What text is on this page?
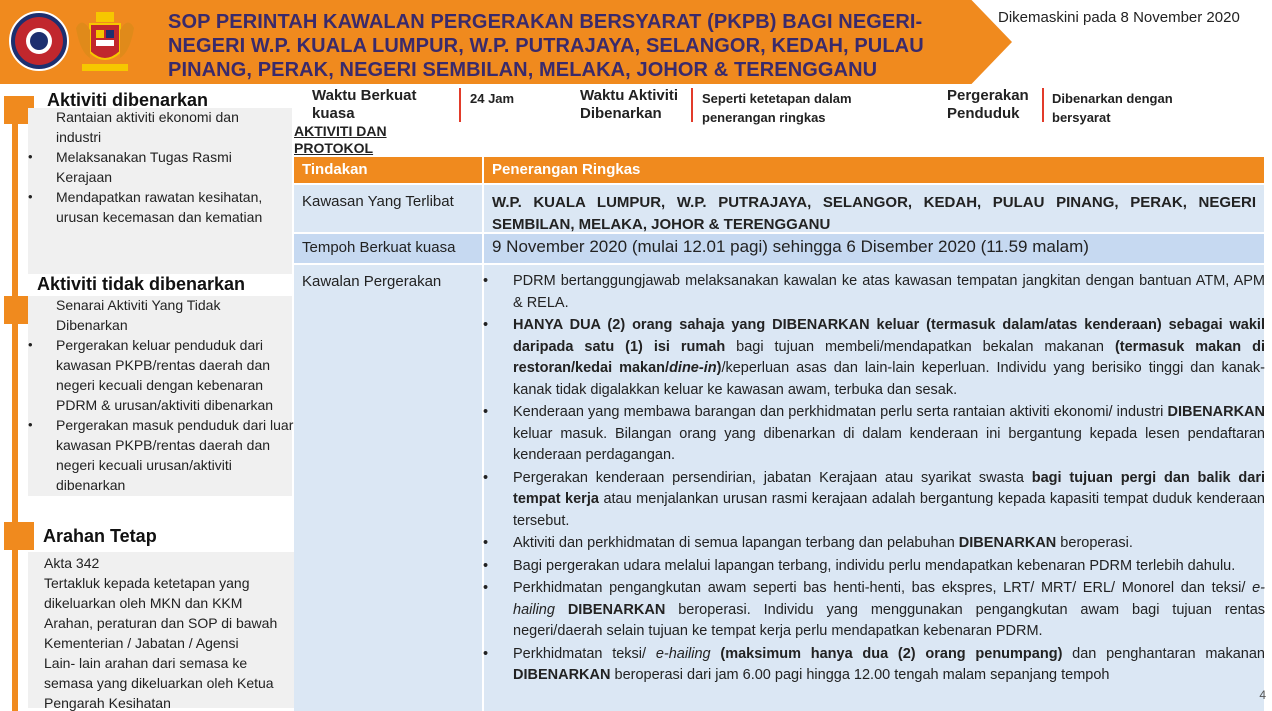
SOP PERINTAH KAWALAN PERGERAKAN BERSYARAT (PKPB) BAGI NEGERI-NEGERI W.P. KUALA LUMPUR, W.P. PUTRAJAYA, SELANGOR, KEDAH, PULAU PINANG, PERAK, NEGERI SEMBILAN, MELAKA, JOHOR & TERENGGANU
Dikemaskini pada 8 November 2020
Aktiviti dibenarkan
Rantaian aktiviti ekonomi dan industri
• Melaksanakan Tugas Rasmi Kerajaan
• Mendapatkan rawatan kesihatan, urusan kecemasan dan kematian
Aktiviti tidak dibenarkan
Senarai Aktiviti Yang Tidak Dibenarkan
• Pergerakan keluar penduduk dari kawasan PKPB/rentas daerah dan negeri kecuali dengan kebenaran PDRM & urusan/aktiviti dibenarkan
• Pergerakan masuk penduduk dari luar kawasan PKPB/rentas daerah dan negeri kecuali urusan/aktiviti dibenarkan
Arahan Tetap
Akta 342
Tertakluk kepada ketetapan yang dikeluarkan oleh MKN dan KKM
Arahan, peraturan dan SOP di bawah Kementerian / Jabatan / Agensi
Lain- lain arahan dari semasa ke semasa yang dikeluarkan oleh Ketua Pengarah Kesihatan
Waktu Berkuat kuasa
24 Jam	Waktu Aktiviti Dibenarkan
Seperti ketetapan dalam penerangan ringkas
Pergerakan Penduduk
Dibenarkan dengan bersyarat
AKTIVITI DAN PROTOKOL
Tindakan	Penerangan Ringkas
Kawasan Yang Terlibat	W.P. KUALA LUMPUR, W.P. PUTRAJAYA, SELANGOR, KEDAH, PULAU PINANG, PERAK, NEGERI SEMBILAN, MELAKA, JOHOR & TERENGGANU
Tempoh Berkuat kuasa	9 November 2020 (mulai 12.01 pagi) sehingga 6 Disember 2020 (11.59 malam)
Kawalan Pergerakan
•	PDRM bertanggungjawab melaksanakan kawalan ke atas kawasan tempatan jangkitan dengan bantuan ATM, APM & RELA.
• HANYA DUA (2) orang sahaja yang DIBENARKAN keluar (termasuk dalam/atas kenderaan) sebagai wakil daripada satu (1) isi rumah bagi tujuan membeli/mendapatkan bekalan makanan (termasuk makan di restoran/kedai makan/dine-in)/keperluan asas dan lain-lain keperluan. Individu yang berisiko tinggi dan kanak-kanak tidak digalakkan keluar ke kawasan awam, terbuka dan sesak.
• Kenderaan yang membawa barangan dan perkhidmatan perlu serta rantaian aktiviti ekonomi/ industri DIBENARKAN keluar masuk. Bilangan orang yang dibenarkan di dalam kenderaan ini bergantung kepada lesen pendaftaran kenderaan perdagangan.
• Pergerakan kenderaan persendirian, jabatan Kerajaan atau syarikat swasta bagi tujuan pergi dan balik dari tempat kerja atau menjalankan urusan rasmi kerajaan adalah bergantung kepada kapasiti tempat duduk kenderaan tersebut.
• Aktiviti dan perkhidmatan di semua lapangan terbang dan pelabuhan DIBENARKAN beroperasi.
• Bagi pergerakan udara melalui lapangan terbang, individu perlu mendapatkan kebenaran PDRM terlebih dahulu.
• Perkhidmatan pengangkutan awam seperti bas henti-henti, bas ekspres, LRT/ MRT/ ERL/ Monorel dan teksi/ e-hailing DIBENARKAN beroperasi. Individu yang menggunakan pengangkutan awam bagi tujuan rentas negeri/daerah selain tujuan ke tempat kerja perlu mendapatkan kebenaran PDRM.
• Perkhidmatan teksi/ e-hailing (maksimum hanya dua (2) orang penumpang) dan penghantaran makanan DIBENARKAN beroperasi dari jam 6.00 pagi hingga 12.00 tengah malam sepanjang tempoh
4
